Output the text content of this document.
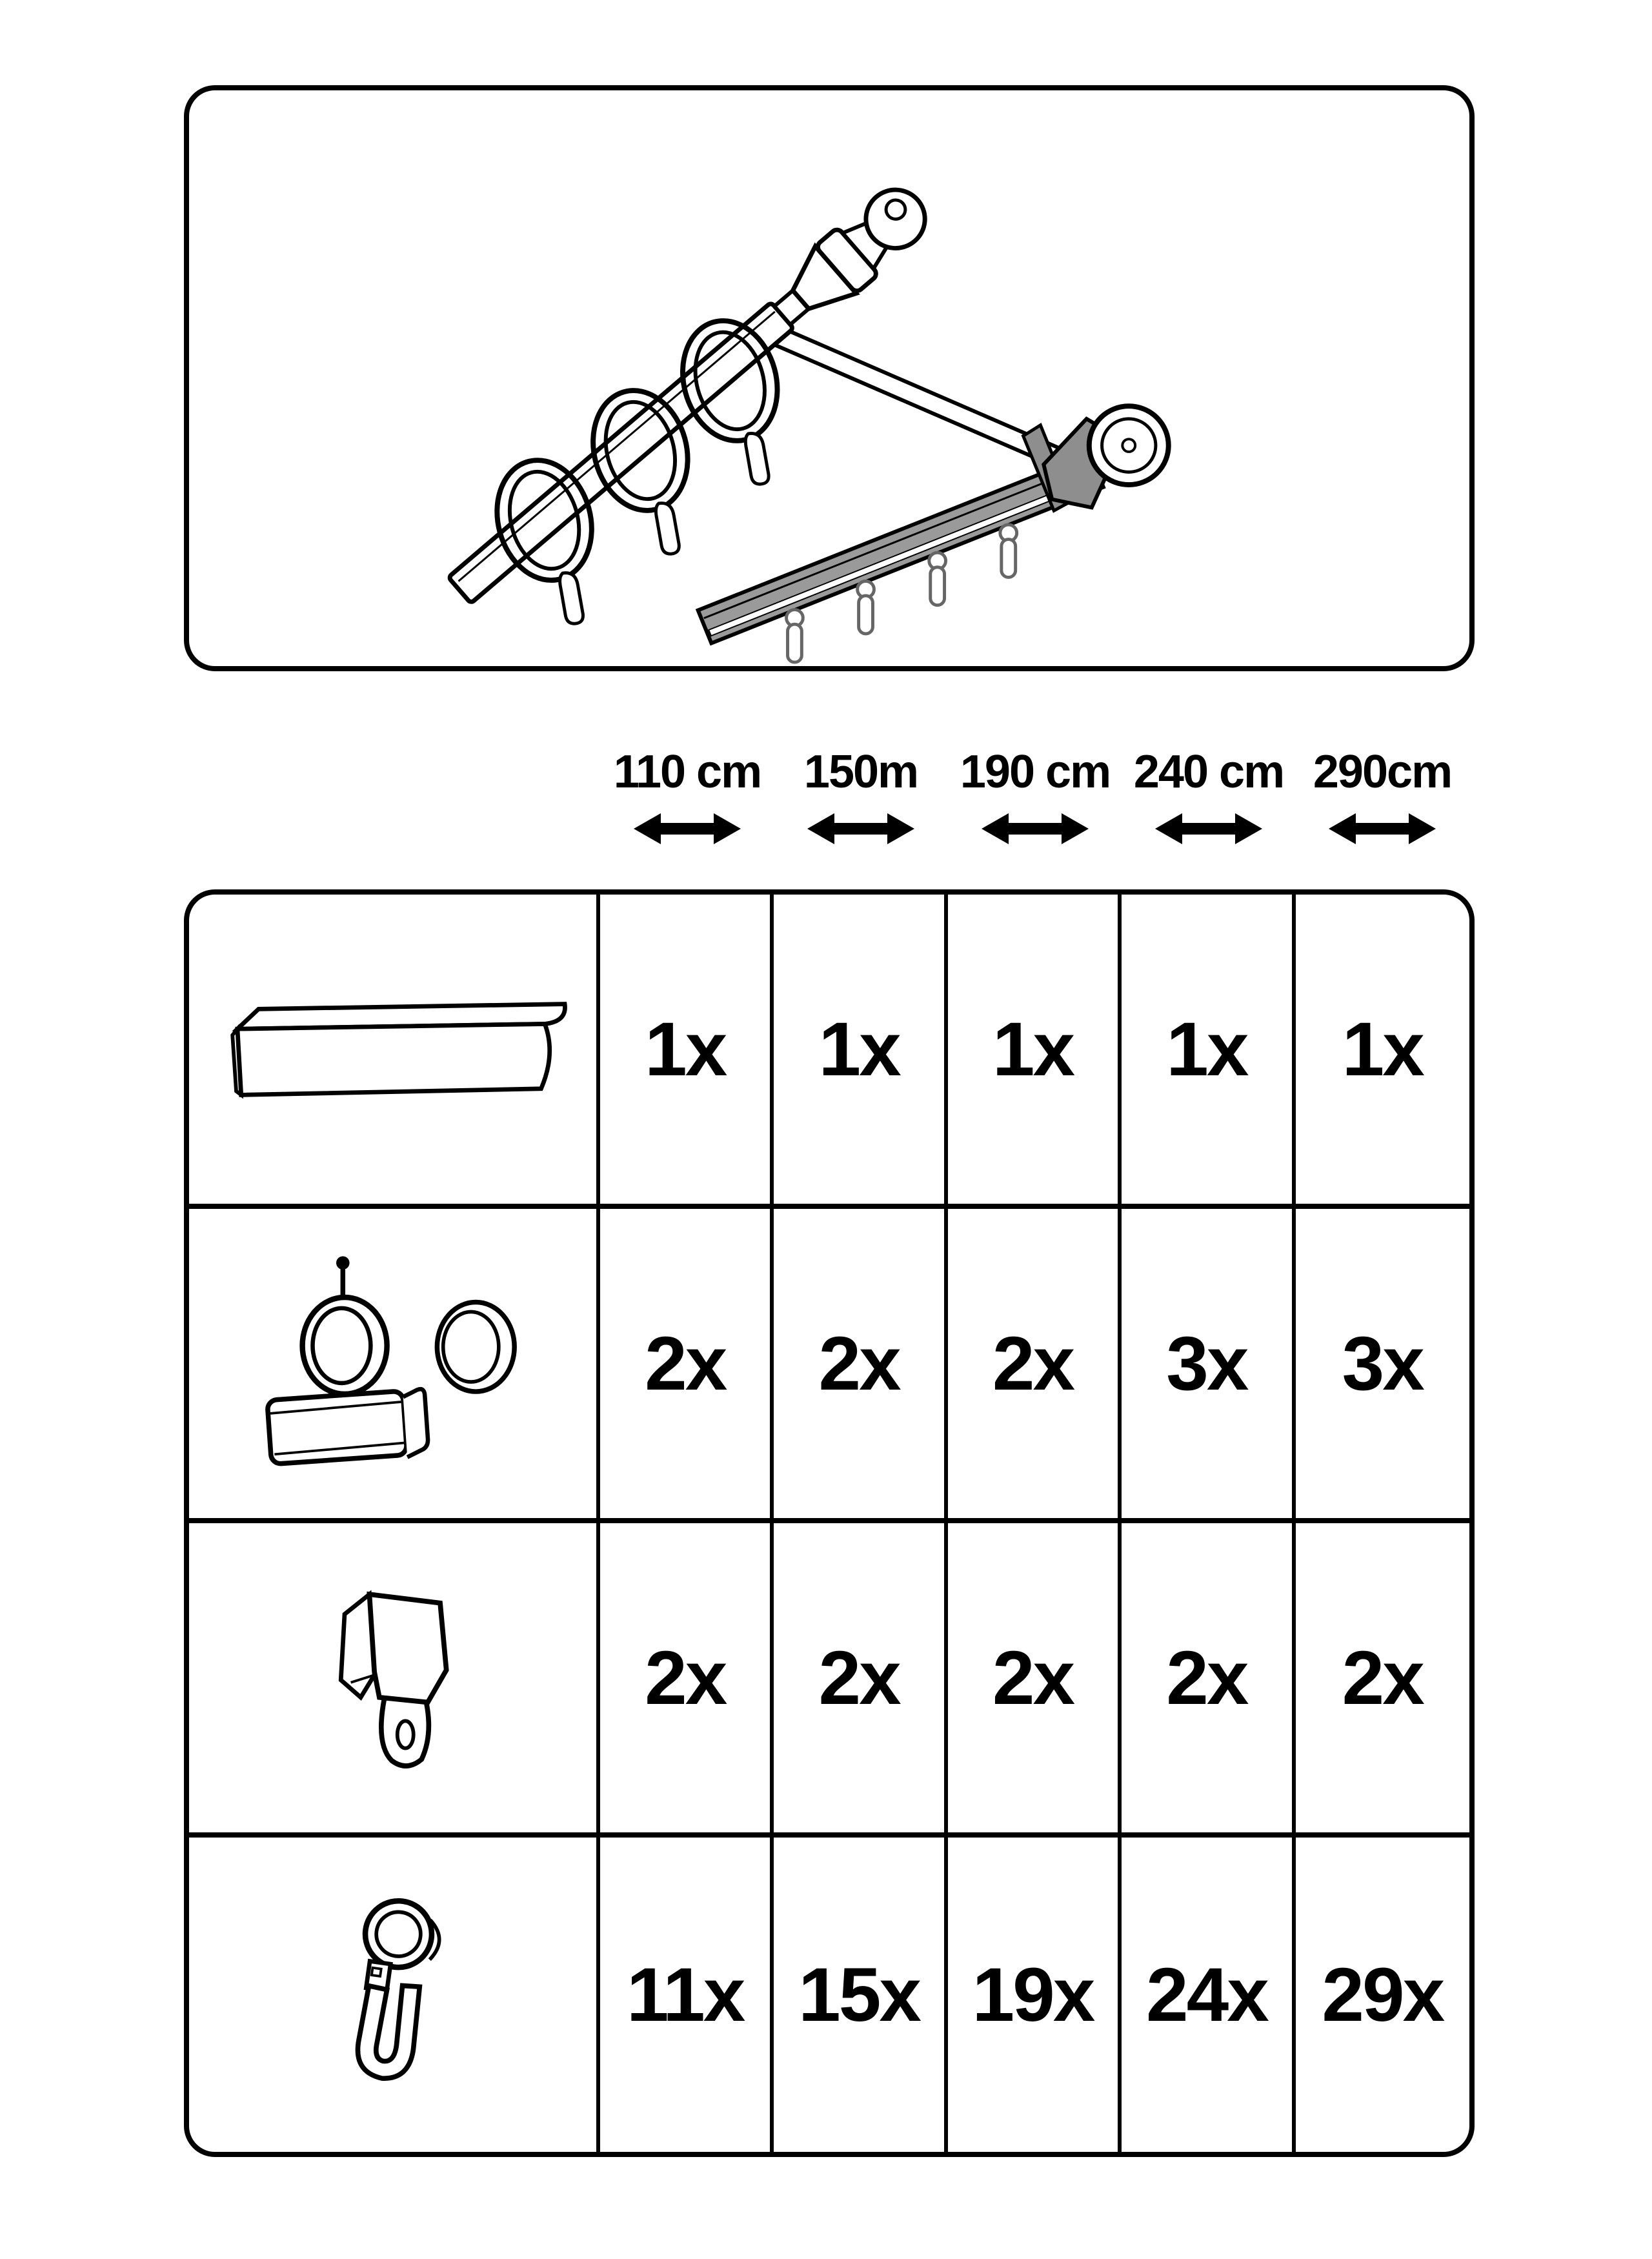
110 cm 150m 190 cm 240 cm 290cm
1x 1x 1x 1x 1x
2x 2x 2x 3x 3x
2x 2x 2x 2x 2x
11x 15x 19x 24x 29x
